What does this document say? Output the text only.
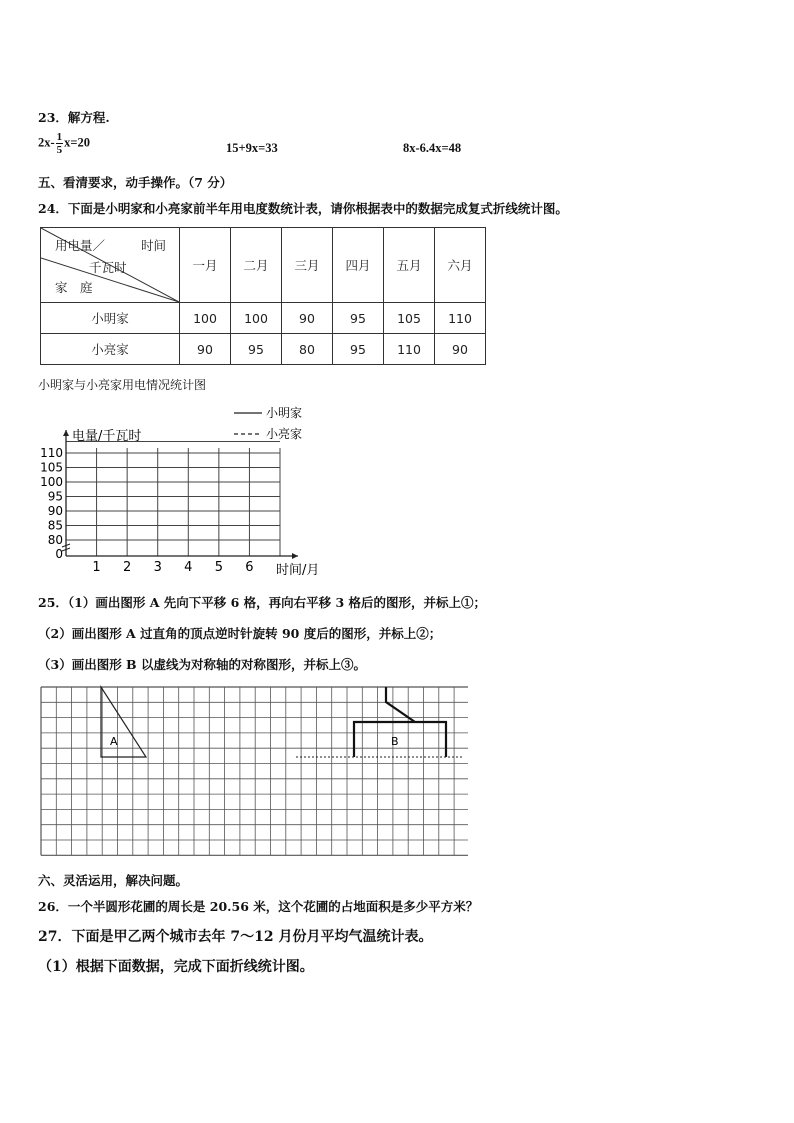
23．解方程.
$2x- \frac{1}{5} x=20$	15+9x=33	8x-6.4x=48
五、看清要求，动手操作。（7 分）
24．下面是小明家和小亮家前半年用电度数统计表，请你根据表中的数据完成复式折线统计图。
用电量／ 时间
千瓦时
家　庭	一月	二月	三月	四月	五月	六月
小明家	100	100	90	95	105	110
小亮家	90	95	80	95	110	90
小明家与小亮家用电情况统计图
80
85
90
95
100
105
110
0
1 2 3 4 5 6
电量/千瓦时
时间/月
小明家
小亮家
25．（1）画出图形 A 先向下平移 6 格，再向右平移 3 格后的图形，并标上①；
（2）画出图形 A 过直角的顶点逆时针旋转 90 度后的图形，并标上②；
（3）画出图形 B 以虚线为对称轴的对称图形，并标上③。
A	B
六、灵活运用，解决问题。
26．一个半圆形花圃的周长是 20.56 米，这个花圃的占地面积是多少平方米？
27．下面是甲乙两个城市去年 7～12 月份月平均气温统计表。
（1）根据下面数据，完成下面折线统计图。
